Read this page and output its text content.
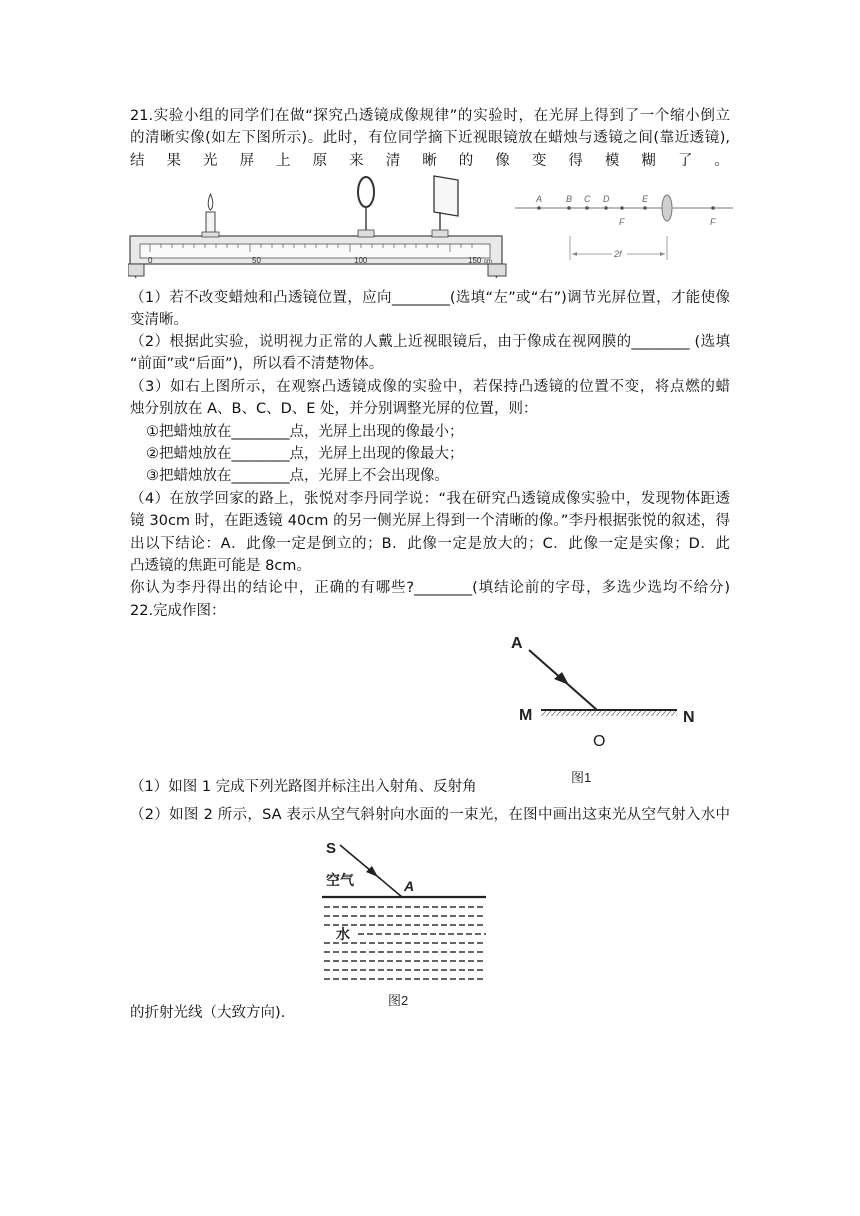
21.实验小组的同学们在做“探究凸透镜成像规律”的实验时，在光屏上得到了一个缩小倒立
的清晰实像(如左下图所示)。此时，有位同学摘下近视眼镜放在蜡烛与透镜之间(靠近透镜),
结 果 光 屏 上 原 来 清 晰 的 像 变 得 模 糊 了 。
0	50	100	150 cm
A	B C D	E
F	F
2f
（1）若不改变蜡烛和凸透镜位置，应向________(选填“左”或“右”)调节光屏位置，才能使像
变清晰。
（2）根据此实验，说明视力正常的人戴上近视眼镜后，由于像成在视网膜的________ (选填
“前面”或“后面”)，所以看不清楚物体。
（3）如右上图所示，在观察凸透镜成像的实验中，若保持凸透镜的位置不变，将点燃的蜡
烛分别放在 A、B、C、D、E 处，并分别调整光屏的位置，则：
①把蜡烛放在________点，光屏上出现的像最小；
②把蜡烛放在________点，光屏上出现的像最大；
③把蜡烛放在________点，光屏上不会出现像。
（4）在放学回家的路上，张悦对李丹同学说：“我在研究凸透镜成像实验中，发现物体距透
镜 30cm 时，在距透镜 40cm 的另一侧光屏上得到一个清晰的像。”李丹根据张悦的叙述，得
出以下结论：A．此像一定是倒立的；B．此像一定是放大的；C．此像一定是实像；D．此
凸透镜的焦距可能是 8cm。
你认为李丹得出的结论中，正确的有哪些?________(填结论前的字母，多选少选均不给分)
22.完成作图：
A
M	N
O
图1
（1）如图 1 完成下列光路图并标注出入射角、反射角
（2）如图 2 所示，SA 表示从空气斜射向水面的一束光，在图中画出这束光从空气射入水中
S
A
空气
水
图2
的折射光线（大致方向).
